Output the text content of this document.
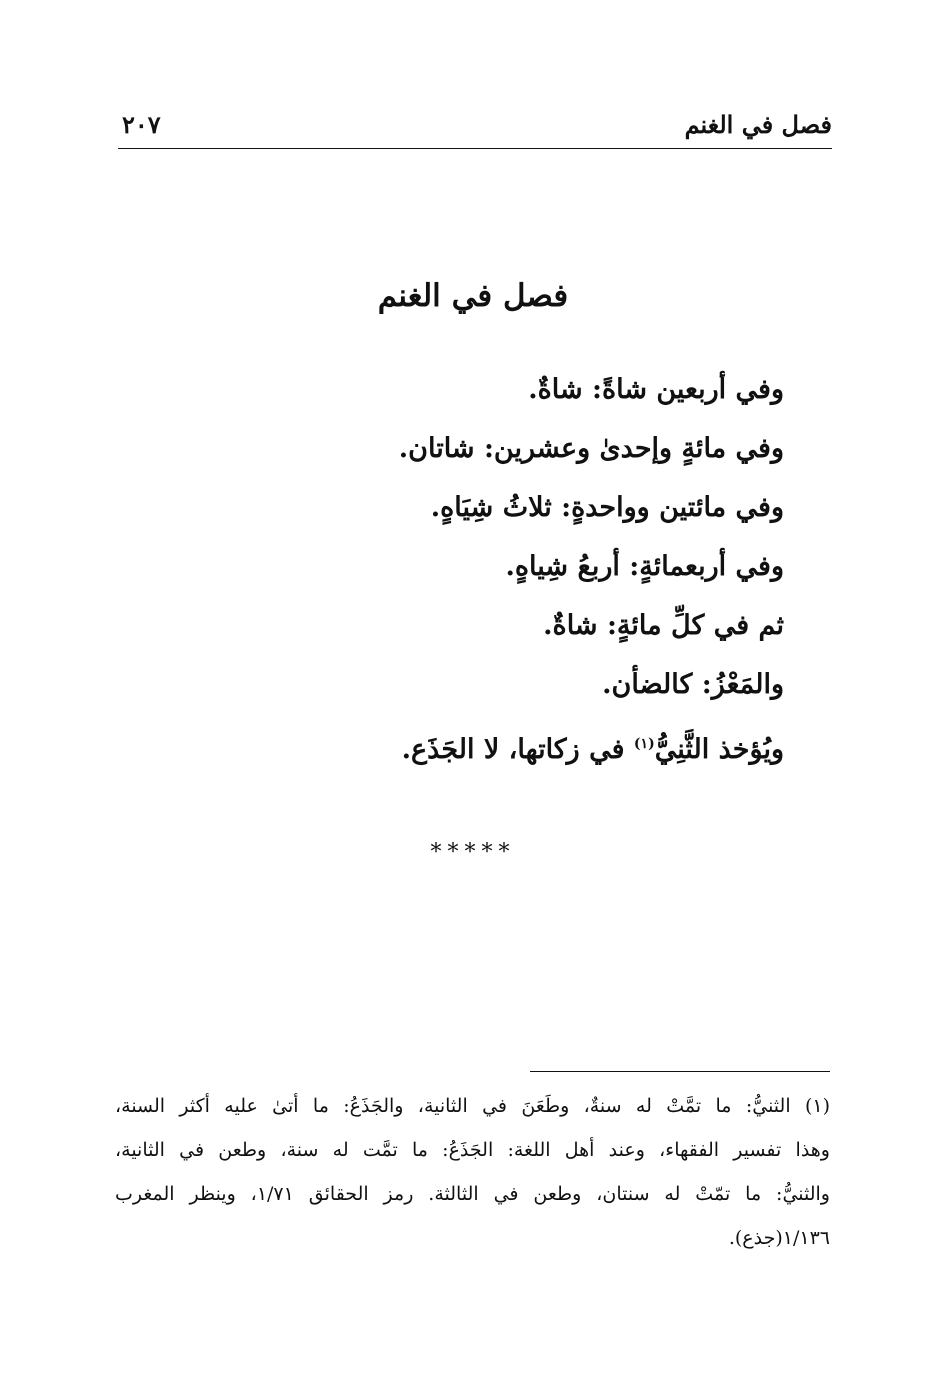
فصل في الغنم
٢٠٧
فصل في الغنم
وفي أربعين شاةً: شاةٌ.
وفي مائةٍ وإحدىٰ وعشرين: شاتان.
وفي مائتين وواحدةٍ: ثلاثُ شِيَاهٍ.
وفي أربعمائةٍ: أربعُ شِياهٍ.
ثم في كلِّ مائةٍ: شاةٌ.
والمَعْزُ: كالضأن.
ويُؤخذ الثَّنِيُّ$^{(١)}$ في زكاتها، لا الجَذَع.
*****
(١) الثنيُّ: ما تمَّتْ له سنةٌ، وطَعَنَ في الثانية، والجَذَعُ: ما أتىٰ عليه أكثر السنة،
وهذا تفسير الفقهاء، وعند أهل اللغة: الجَذَعُ: ما تمَّت له سنة، وطعن في الثانية،
والثنيُّ: ما تمّتْ له سنتان، وطعن في الثالثة. رمز الحقائق ١/٧١، وينظر المغرب
١/١٣٦(جذع).
